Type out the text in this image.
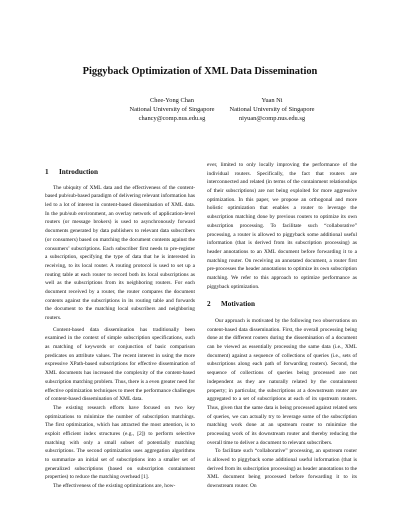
Piggyback Optimization of XML Data Dissemination
Chee-Yong Chan
National University of Singapore
chancy@comp.nus.edu.sg
Yuan Ni
National University of Singapore
niyuan@comp.nus.edu.sg
1 Introduction

The ubiquity of XML data and the effectiveness of the content-based pub/sub-based paradigm of delivering relevant information has led to a lot of interest in content-based dissemination of XML data. In the pub/sub environment, an overlay network of application-level routers (or message brokers) is used to asynchronously forward documents generated by data publishers to relevant data subscribers (or consumers) based on matching the document contents against the consumers’ subscriptions. Each subscriber first needs to pre-register a subscription, specifying the type of data that he is interested in receiving, to its local router. A routing protocol is used to set up a routing table at each router to record both its local subscriptions as well as the subscriptions from its neighboring routers. For each document received by a router, the router compares the document contents against the subscriptions in its routing table and forwards the document to the matching local subscribers and neighboring routers.

Content-based data dissemination has traditionally been examined in the context of simple subscription specifications, such as matching of keywords or conjunction of basic comparison predicates on attribute values. The recent interest in using the more expressive XPath-based subscriptions for effective dissemination of XML documents has increased the complexity of the content-based subscription matching problem. Thus, there is a even greater need for effective optimization techniques to meet the performance challenges of content-based dissemination of XML data.

The existing research efforts have focused on two key optimizations to minimize the number of subscription matchings. The first optimization, which has attracted the most attention, is to exploit efficient index structures (e.g., [2]) to perform selective matching with only a small subset of potentially matching subscriptions. The second optimization uses aggregation algorithms to summarize an initial set of subscriptions into a smaller set of generalized subscriptions (based on subscription containment properties) to reduce the matching overhead [1].

The effectiveness of the existing optimizations are, how-

ever, limited to only locally improving the performance of the individual routers. Specifically, the fact that routers are interconnected and related (in terms of the containment relationships of their subscriptions) are not being exploited for more aggressive optimization. In this paper, we propose an orthogonal and more holistic optimization that enables a router to leverage the subscription matching done by previous routers to optimize its own subscription processing. To facilitate such “collaborative” processing, a router is allowed to piggyback some additional useful information (that is derived from its subscription processing) as header annotations to an XML document before forwarding it to a matching router. On receiving an annotated document, a router first pre-processes the header annotations to optimize its own subscription matching. We refer to this approach to optimize performance as piggyback optimization.

2 Motivation

Our approach is motivated by the following two observations on content-based data dissemination. First, the overall processing being done at the different routers during the dissemination of a document can be viewed as essentially processing the same data (i.e., XML document) against a sequence of collections of queries (i.e., sets of subscriptions along each path of forwarding routers). Second, the sequence of collections of queries being processed are not independent as they are naturally related by the containment property; in particular, the subscriptions at a downstream router are aggregated to a set of subscriptions at each of its upstream routers. Thus, given that the same data is being processed against related sets of queries, we can actually try to leverage some of the subscription matching work done at an upstream router to minimize the processing work of its downstream router and thereby reducing the overall time to deliver a document to relevant subscribers.

To facilitate such “collaborative” processing, an upstream router is allowed to piggyback some additional useful information (that is derived from its subscription processing) as header annotations to the XML document being processed before forwarding it to its downstream router. On
